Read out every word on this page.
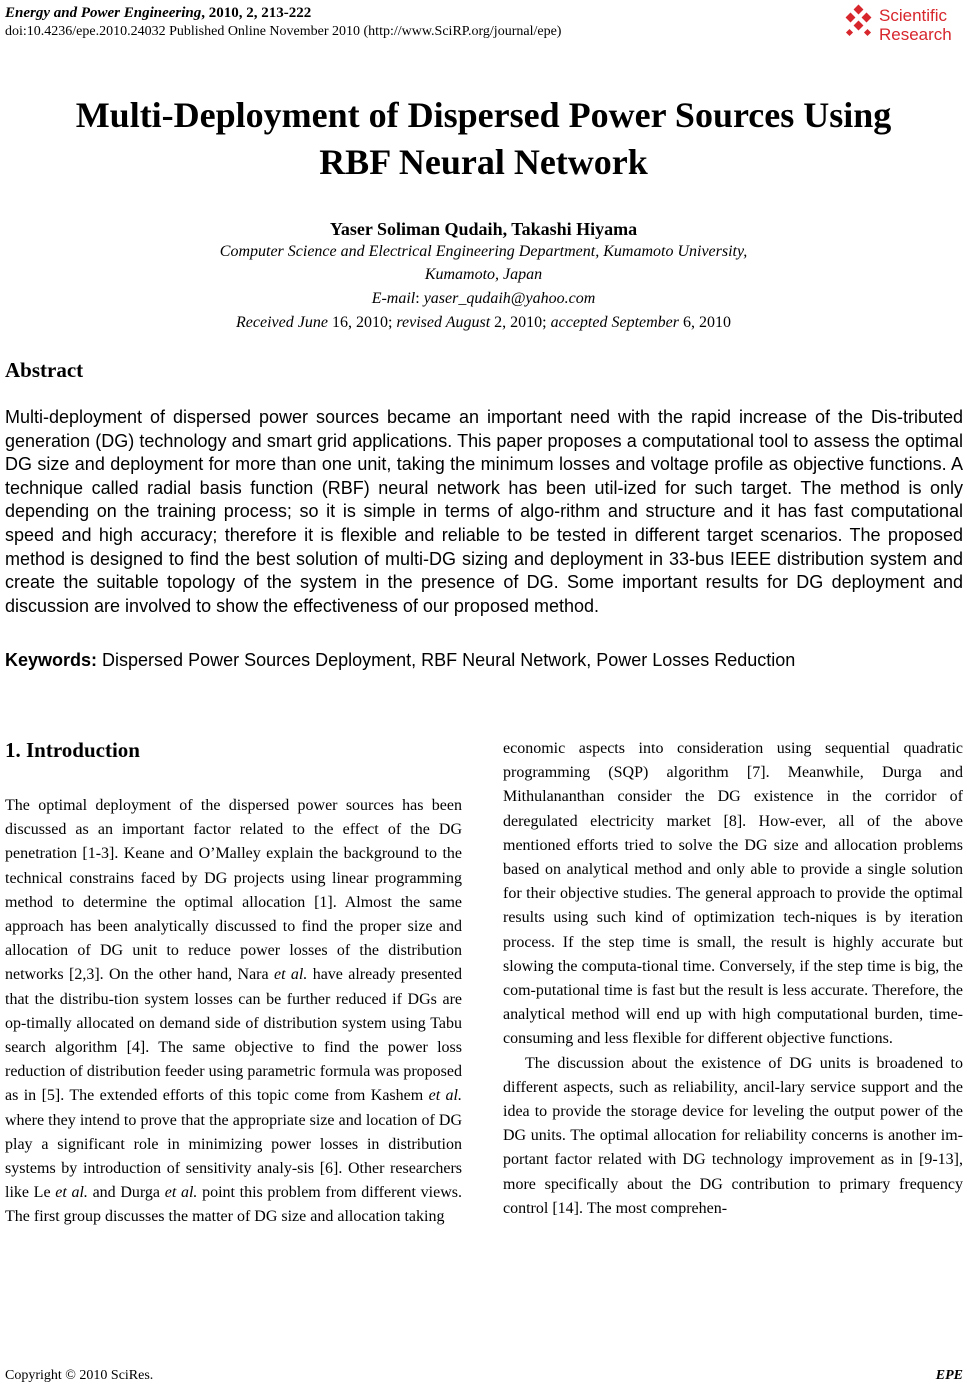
Energy and Power Engineering, 2010, 2, 213-222
doi:10.4236/epe.2010.24032 Published Online November 2010 (http://www.SciRP.org/journal/epe)
Scientific
Research
Multi-Deployment of Dispersed Power Sources Using
RBF Neural Network
Yaser Soliman Qudaih, Takashi Hiyama
Computer Science and Electrical Engineering Department, Kumamoto University,
Kumamoto, Japan
E-mail: yaser_qudaih@yahoo.com
Received June 16, 2010; revised August 2, 2010; accepted September 6, 2010
Abstract
Multi-deployment of dispersed power sources became an important need with the rapid increase of the Dis-tributed generation (DG) technology and smart grid applications. This paper proposes a computational tool to assess the optimal DG size and deployment for more than one unit, taking the minimum losses and voltage profile as objective functions. A technique called radial basis function (RBF) neural network has been util-ized for such target. The method is only depending on the training process; so it is simple in terms of algo-rithm and structure and it has fast computational speed and high accuracy; therefore it is flexible and reliable to be tested in different target scenarios. The proposed method is designed to find the best solution of multi-DG sizing and deployment in 33-bus IEEE distribution system and create the suitable topology of the system in the presence of DG. Some important results for DG deployment and discussion are involved to show the effectiveness of our proposed method.
Keywords: Dispersed Power Sources Deployment, RBF Neural Network, Power Losses Reduction
1. Introduction

The optimal deployment of the dispersed power sources has been discussed as an important factor related to the effect of the DG penetration [1-3]. Keane and O’Malley explain the background to the technical constrains faced by DG projects using linear programming method to determine the optimal allocation [1]. Almost the same approach has been analytically discussed to find the proper size and allocation of DG unit to reduce power losses of the distribution networks [2,3]. On the other hand, Nara et al. have already presented that the distribu-tion system losses can be further reduced if DGs are op-timally allocated on demand side of distribution system using Tabu search algorithm [4]. The same objective to find the power loss reduction of distribution feeder using parametric formula was proposed as in [5]. The extended efforts of this topic come from Kashem et al. where they intend to prove that the appropriate size and location of DG play a significant role in minimizing power losses in distribution systems by introduction of sensitivity analy-sis [6]. Other researchers like Le et al. and Durga et al. point this problem from different views. The first group discusses the matter of DG size and allocation taking

economic aspects into consideration using sequential quadratic programming (SQP) algorithm [7]. Meanwhile, Durga and Mithulananthan consider the DG existence in the corridor of deregulated electricity market [8]. How-ever, all of the above mentioned efforts tried to solve the DG size and allocation problems based on analytical method and only able to provide a single solution for their objective studies. The general approach to provide the optimal results using such kind of optimization tech-niques is by iteration process. If the step time is small, the result is highly accurate but slowing the computa-tional time. Conversely, if the step time is big, the com-putational time is fast but the result is less accurate. Therefore, the analytical method will end up with high computational burden, time-consuming and less flexible for different objective functions.

The discussion about the existence of DG units is broadened to different aspects, such as reliability, ancil-lary service support and the idea to provide the storage device for leveling the output power of the DG units. The optimal allocation for reliability concerns is another im-portant factor related with DG technology improvement as in [9-13], more specifically about the DG contribution to primary frequency control [14]. The most comprehen-

Copyright © 2010 SciRes.	EPE
